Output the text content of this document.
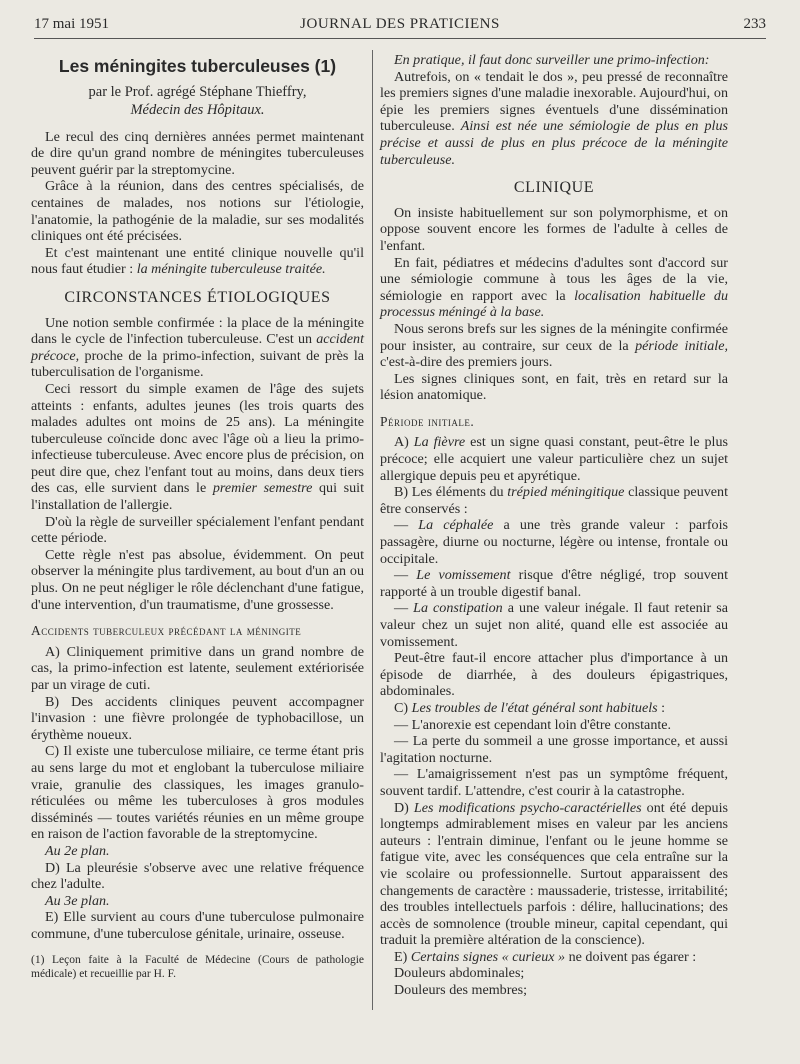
17 mai 1951	JOURNAL DES PRATICIENS	233
Les méningites tuberculeuses (1)
par le Prof. agrégé Stéphane Thieffry,
Médecin des Hôpitaux.

Le recul des cinq dernières années permet maintenant de dire qu'un grand nombre de méningites tuberculeuses peuvent guérir par la streptomycine.

Grâce à la réunion, dans des centres spécialisés, de centaines de malades, nos notions sur l'étiologie, l'anatomie, la pathogénie de la maladie, sur ses modalités cliniques ont été précisées.

Et c'est maintenant une entité clinique nouvelle qu'il nous faut étudier : la méningite tuberculeuse traitée.

CIRCONSTANCES ÉTIOLOGIQUES

Une notion semble confirmée : la place de la méningite dans le cycle de l'infection tuberculeuse. C'est un accident précoce, proche de la primo-infection, suivant de près la tuberculisation de l'organisme.

Ceci ressort du simple examen de l'âge des sujets atteints : enfants, adultes jeunes (les trois quarts des malades adultes ont moins de 25 ans). La méningite tuberculeuse coïncide donc avec l'âge où a lieu la primo-infectieuse tuberculeuse. Avec encore plus de précision, on peut dire que, chez l'enfant tout au moins, dans deux tiers des cas, elle survient dans le premier semestre qui suit l'installation de l'allergie.

D'où la règle de surveiller spécialement l'enfant pendant cette période.

Cette règle n'est pas absolue, évidemment. On peut observer la méningite plus tardivement, au bout d'un an ou plus. On ne peut négliger le rôle déclenchant d'une fatigue, d'une intervention, d'un traumatisme, d'une grossesse.

Accidents tuberculeux précédant la méningite

A) Cliniquement primitive dans un grand nombre de cas, la primo-infection est latente, seulement extériorisée par un virage de cuti.

B) Des accidents cliniques peuvent accompagner l'invasion : une fièvre prolongée de typhobacillose, un érythème noueux.

C) Il existe une tuberculose miliaire, ce terme étant pris au sens large du mot et englobant la tuberculose miliaire vraie, granulie des classiques, les images granulo-réticulées ou même les tuberculoses à gros modules disséminés — toutes variétés réunies en un même groupe en raison de l'action favorable de la streptomycine.

Au 2e plan.

D) La pleurésie s'observe avec une relative fréquence chez l'adulte.

Au 3e plan.

E) Elle survient au cours d'une tuberculose pulmonaire commune, d'une tuberculose génitale, urinaire, osseuse.

(1) Leçon faite à la Faculté de Médecine (Cours de pathologie médicale) et recueillie par H. F.

En pratique, il faut donc surveiller une primo-infection:

Autrefois, on « tendait le dos », peu pressé de reconnaître les premiers signes d'une maladie inexorable. Aujourd'hui, on épie les premiers signes éventuels d'une dissémination tuberculeuse. Ainsi est née une sémiologie de plus en plus précise et aussi de plus en plus précoce de la méningite tuberculeuse.

CLINIQUE

On insiste habituellement sur son polymorphisme, et on oppose souvent encore les formes de l'adulte à celles de l'enfant.

En fait, pédiatres et médecins d'adultes sont d'accord sur une sémiologie commune à tous les âges de la vie, sémiologie en rapport avec la localisation habituelle du processus méningé à la base.

Nous serons brefs sur les signes de la méningite confirmée pour insister, au contraire, sur ceux de la période initiale, c'est-à-dire des premiers jours.

Les signes cliniques sont, en fait, très en retard sur la lésion anatomique.

Période initiale.

A) La fièvre est un signe quasi constant, peut-être le plus précoce; elle acquiert une valeur particulière chez un sujet allergique depuis peu et apyrétique.

B) Les éléments du trépied méningitique classique peuvent être conservés :

— La céphalée a une très grande valeur : parfois passagère, diurne ou nocturne, légère ou intense, frontale ou occipitale.

— Le vomissement risque d'être négligé, trop souvent rapporté à un trouble digestif banal.

— La constipation a une valeur inégale. Il faut retenir sa valeur chez un sujet non alité, quand elle est associée au vomissement.

Peut-être faut-il encore attacher plus d'importance à un épisode de diarrhée, à des douleurs épigastriques, abdominales.

C) Les troubles de l'état général sont habituels :

— L'anorexie est cependant loin d'être constante.

— La perte du sommeil a une grosse importance, et aussi l'agitation nocturne.

— L'amaigrissement n'est pas un symptôme fréquent, souvent tardif. L'attendre, c'est courir à la catastrophe.

D) Les modifications psycho-caractérielles ont été depuis longtemps admirablement mises en valeur par les anciens auteurs : l'entrain diminue, l'enfant ou le jeune homme se fatigue vite, avec les conséquences que cela entraîne sur la vie scolaire ou professionnelle. Surtout apparaissent des changements de caractère : maussaderie, tristesse, irritabilité; des troubles intellectuels parfois : délire, hallucinations; des accès de somnolence (trouble mineur, capital cependant, qui traduit la première altération de la conscience).

E) Certains signes « curieux » ne doivent pas égarer :

Douleurs abdominales;

Douleurs des membres;
